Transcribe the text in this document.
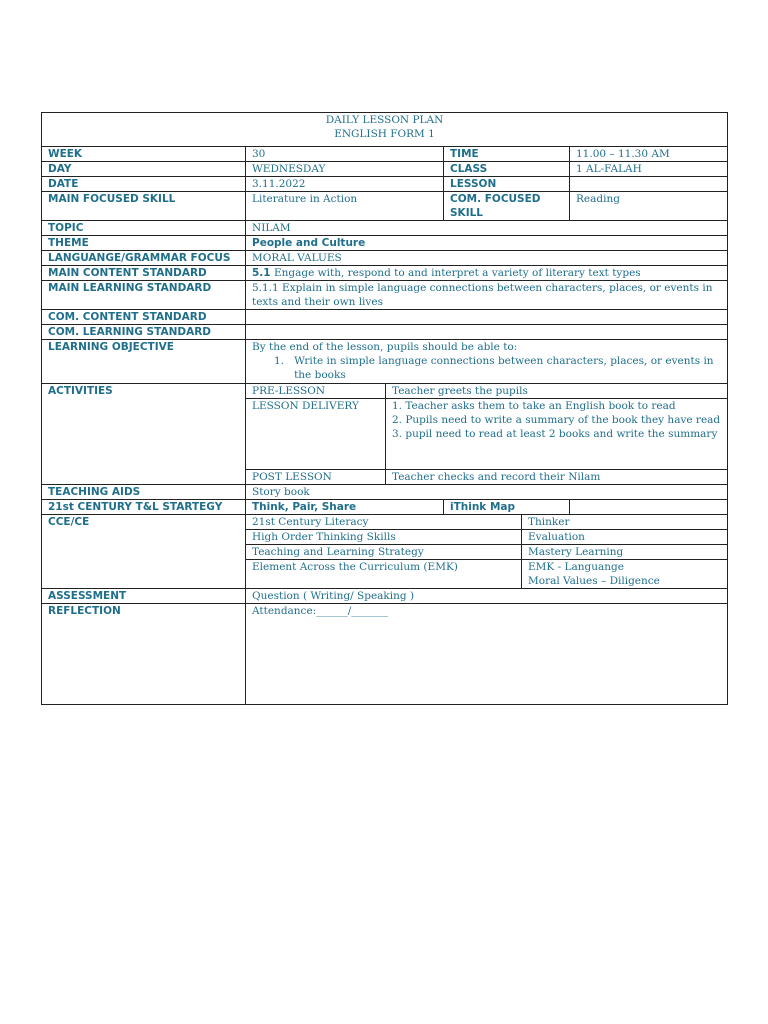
DAILY LESSON PLAN
ENGLISH FORM 1					

WEEK	30		TIME		11.00 – 11.30 AM
DAY	WEDNESDAY		CLASS		1 AL-FALAH
DATE	3.11.2022		LESSON		
MAIN FOCUSED SKILL	Literature in Action		COM. FOCUSED SKILL		Reading
TOPIC	NILAM				
THEME	People and Culture				
LANGUANGE/GRAMMAR FOCUS	MORAL VALUES				
MAIN CONTENT STANDARD	5.1 Engage with, respond to and interpret a variety of literary text types				
MAIN LEARNING STANDARD	5.1.1 Explain in simple language connections between characters, places, or events in texts and their own lives				
COM. CONTENT STANDARD					
COM. LEARNING STANDARD					
LEARNING OBJECTIVE	By the end of the lesson, pupils should be able to:
1. Write in simple language connections between characters, places, or events in the books				

ACTIVITIES	PRE-LESSON	Teacher greets the pupils			
	LESSON DELIVERY	1. Teacher asks them to take an English book to read
2. Pupils need to write a summary of the book they have read
3. pupil need to read at least 2 books and write the summary			

	POST LESSON	Teacher checks and record their Nilam			
TEACHING AIDS	Story book				
21st CENTURY T&L STARTEGY	Think, Pair, Share		iThink Map		
CCE/CE	21st Century Literacy			Thinker	
	High Order Thinking Skills			Evaluation	
	Teaching and Learning Strategy			Mastery Learning	
	Element Across the Curriculum (EMK)			EMK - Languange
Moral Values – Diligence	

ASSESSMENT	Question ( Writing/ Speaking )				
REFLECTION	Attendance:______/_______				
